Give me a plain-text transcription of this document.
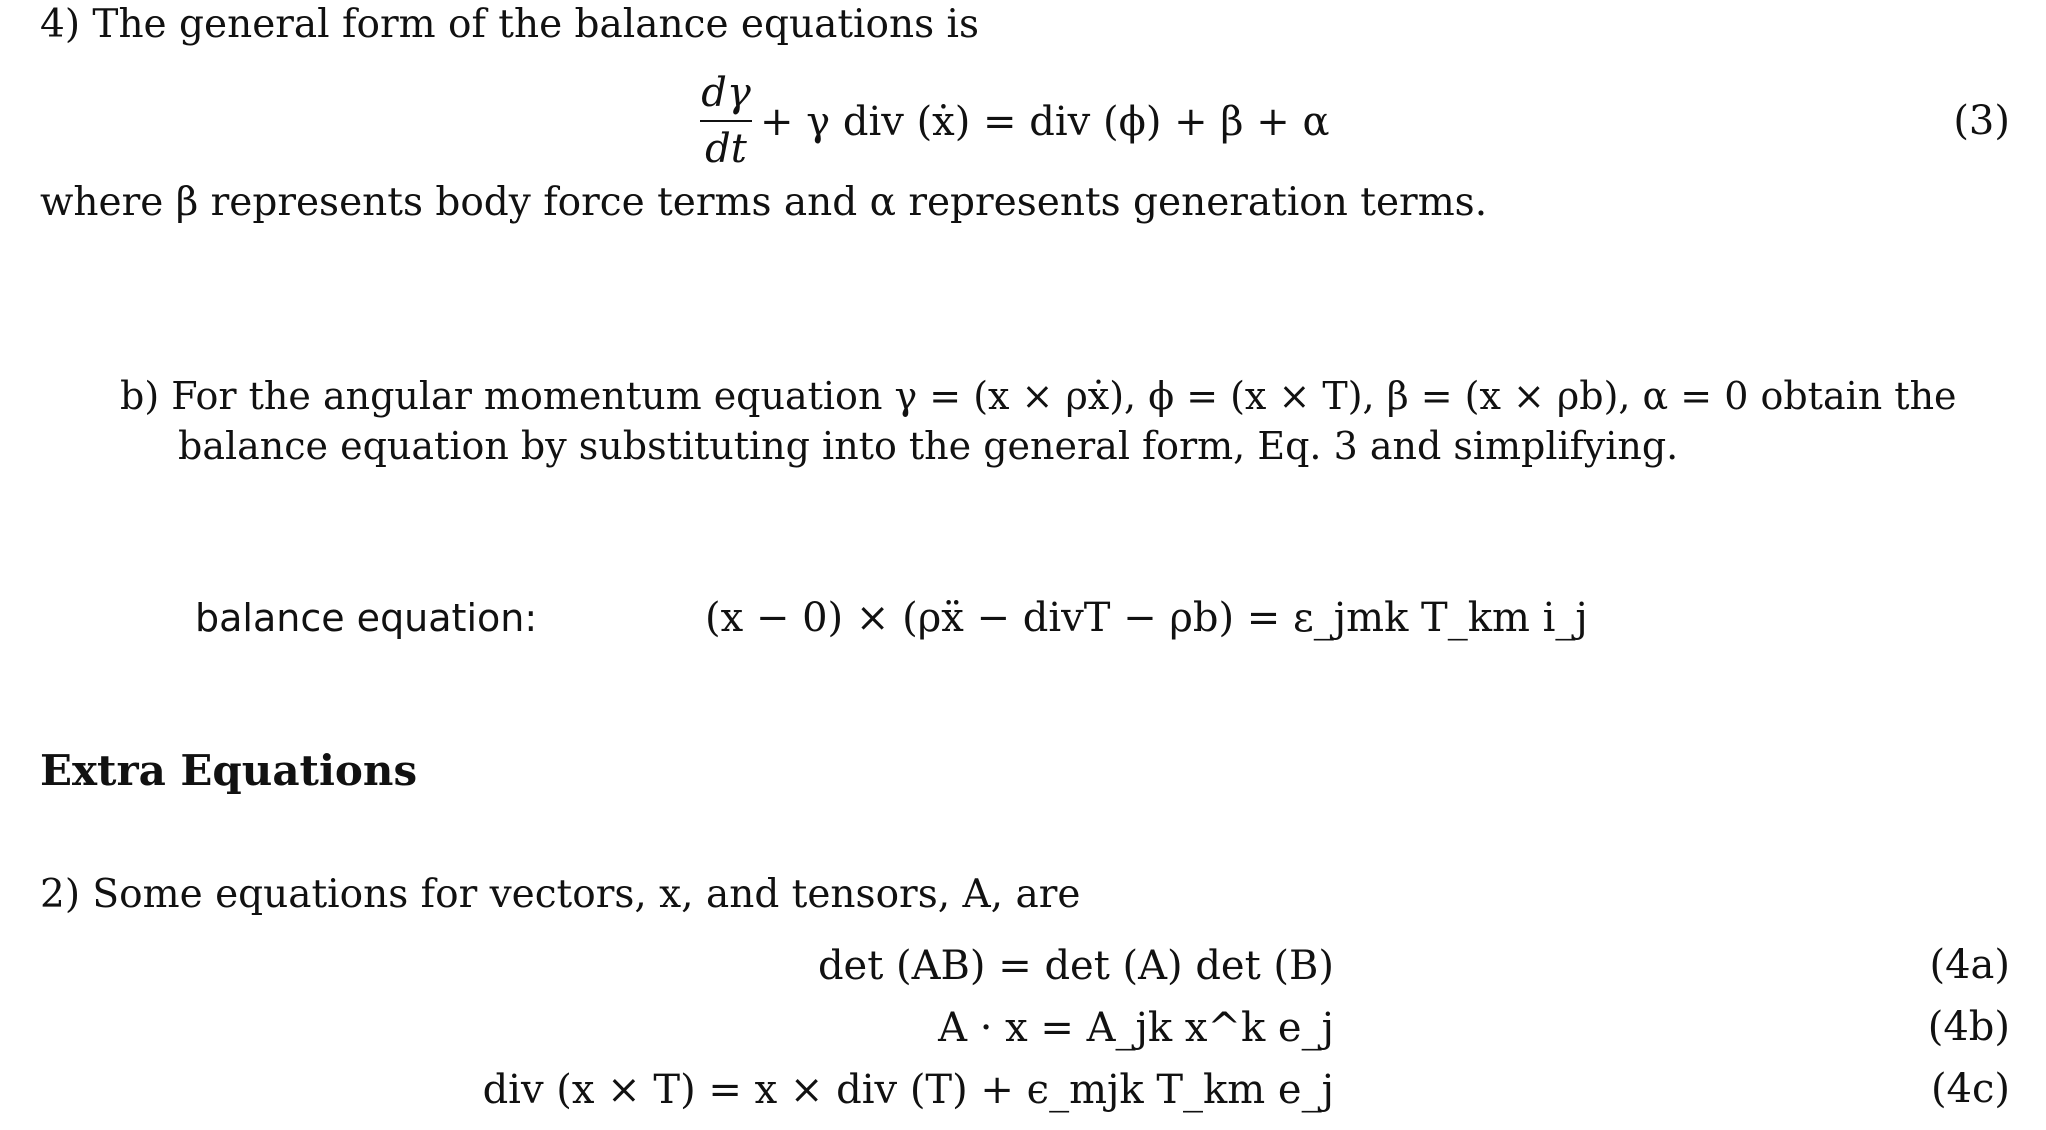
4) The general form of the balance equations is
dγ
dt
+ γ div (ẋ) = div (ϕ) + β + α	(3)
where β represents body force terms and α represents generation terms.
b) For the angular momentum equation γ = (x × ρẋ), ϕ = (x × T), β = (x × ρb), α = 0 obtain the
balance equation by substituting into the general form, Eq. 3 and simplifying.
balance equation:	(x − 0) × (ρẍ − divT − ρb) = ε_jmk T_km i_j
Extra Equations
2) Some equations for vectors, x, and tensors, A, are
det (AB) = det (A) det (B)	(4a)
A · x = A_jk x^k e_j	(4b)
div (x × T) = x × div (T) + ϵ_mjk T_km e_j	(4c)
